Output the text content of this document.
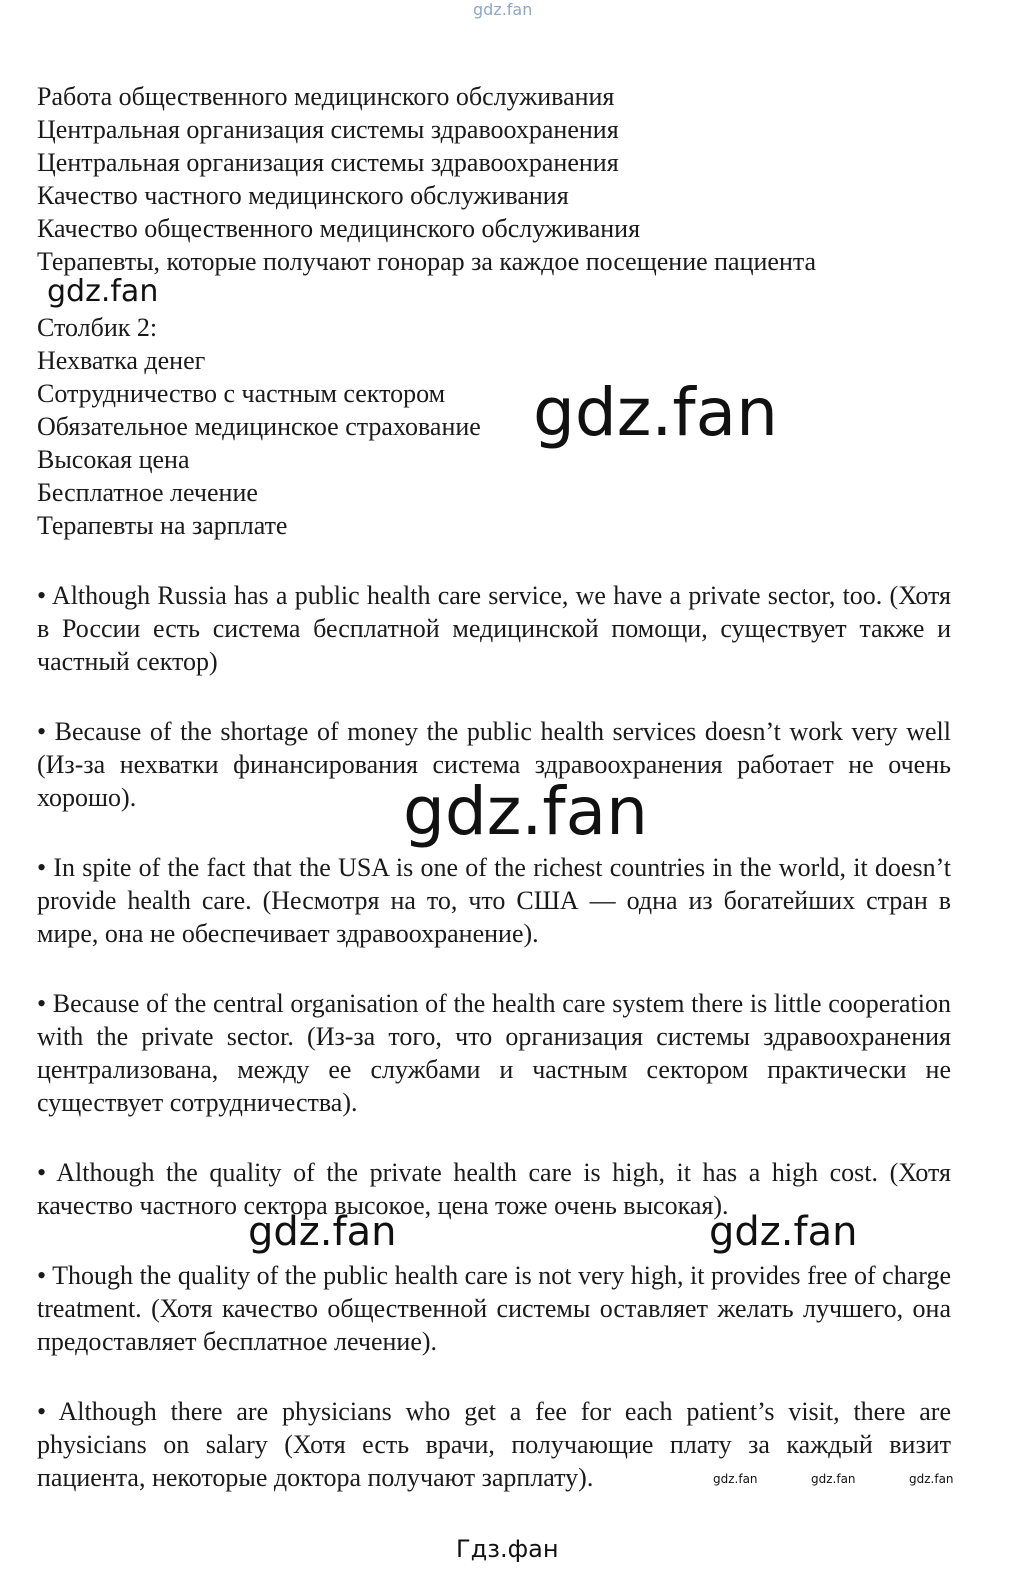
Работа общественного медицинского обслуживания

Центральная организация системы здравоохранения

Центральная организация системы здравоохранения

Качество частного медицинского обслуживания

Качество общественного медицинского обслуживания

Терапевты, которые получают гонорар за каждое посещение пациента

Столбик 2:

Нехватка денег

Сотрудничество с частным сектором

Обязательное медицинское страхование

Высокая цена

Бесплатное лечение

Терапевты на зарплате

• Although Russia has a public health care service, we have a private sector, too. (Хотя в России есть система бесплатной медицинской помощи, существует также и частный сектор)

• Because of the shortage of money the public health services doesn’t work very well (Из-за нехватки финансирования система здравоохранения работает не очень хорошо).

• In spite of the fact that the USA is one of the richest countries in the world, it doesn’t provide health care. (Несмотря на то, что США — одна из богатейших стран в мире, она не обеспечивает здравоохранение).

• Because of the central organisation of the health care system there is little cooperation with the private sector. (Из-за того, что организация системы здравоохранения централизована, между ее службами и частным сектором практически не существует сотрудничества).

• Although the quality of the private health care is high, it has a high cost. (Хотя качество частного сектора высокое, цена тоже очень высокая).

• Though the quality of the public health care is not very high, it provides free of charge treatment. (Хотя качество общественной системы оставляет желать лучшего, она предоставляет бесплатное лечение).

• Although there are physicians who get a fee for each patient’s visit, there are physicians on salary (Хотя есть врачи, получающие плату за каждый визит пациента, некоторые доктора получают зарплату).

gdz.fan
gdz.fan
gdz.fan
gdz.fan
gdz.fan	gdz.fan
gdz.fan	gdz.fan	gdz.fan
Гдз.фан
